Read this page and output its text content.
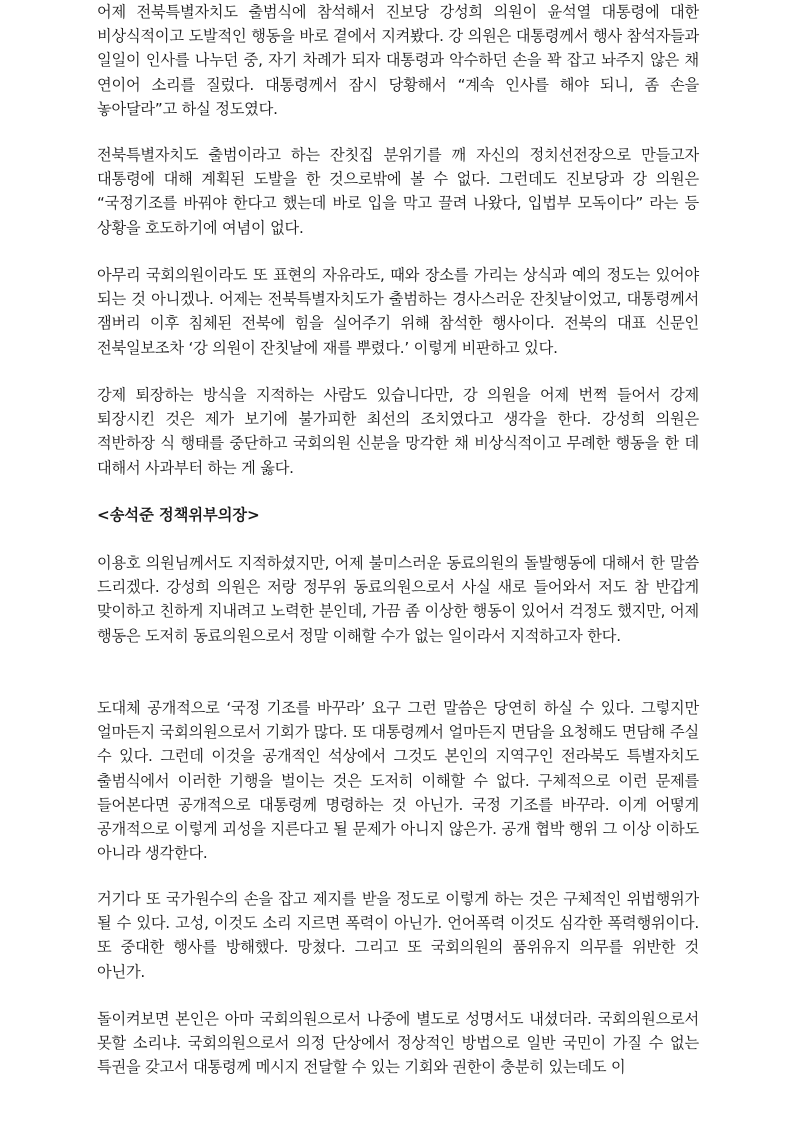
어제 전북특별자치도 출범식에 참석해서 진보당 강성희 의원이 윤석열 대통령에 대한 비상식적이고 도발적인 행동을 바로 곁에서 지켜봤다. 강 의원은 대통령께서 행사 참석자들과 일일이 인사를 나누던 중, 자기 차례가 되자 대통령과 악수하던 손을 꽉 잡고 놔주지 않은 채 연이어 소리를 질렀다. 대통령께서 잠시 당황해서 “계속 인사를 해야 되니, 좀 손을 놓아달라”고 하실 정도였다.

전북특별자치도 출범이라고 하는 잔칫집 분위기를 깨 자신의 정치선전장으로 만들고자 대통령에 대해 계획된 도발을 한 것으로밖에 볼 수 없다. 그런데도 진보당과 강 의원은 “국정기조를 바꿔야 한다고 했는데 바로 입을 막고 끌려 나왔다, 입법부 모독이다” 라는 등 상황을 호도하기에 여념이 없다.

아무리 국회의원이라도 또 표현의 자유라도, 때와 장소를 가리는 상식과 예의 정도는 있어야 되는 것 아니겠나. 어제는 전북특별자치도가 출범하는 경사스러운 잔칫날이었고, 대통령께서 잼버리 이후 침체된 전북에 힘을 실어주기 위해 참석한 행사이다. 전북의 대표 신문인 전북일보조차 ‘강 의원이 잔칫날에 재를 뿌렸다.’ 이렇게 비판하고 있다.

강제 퇴장하는 방식을 지적하는 사람도 있습니다만, 강 의원을 어제 번쩍 들어서 강제 퇴장시킨 것은 제가 보기에 불가피한 최선의 조치였다고 생각을 한다. 강성희 의원은 적반하장 식 행태를 중단하고 국회의원 신분을 망각한 채 비상식적이고 무례한 행동을 한 데 대해서 사과부터 하는 게 옳다.

<송석준 정책위부의장>

이용호 의원님께서도 지적하셨지만, 어제 불미스러운 동료의원의 돌발행동에 대해서 한 말씀 드리겠다. 강성희 의원은 저랑 정무위 동료의원으로서 사실 새로 들어와서 저도 참 반갑게 맞이하고 친하게 지내려고 노력한 분인데, 가끔 좀 이상한 행동이 있어서 걱정도 했지만, 어제 행동은 도저히 동료의원으로서 정말 이해할 수가 없는 일이라서 지적하고자 한다.

도대체 공개적으로 ‘국정 기조를 바꾸라’ 요구 그런 말씀은 당연히 하실 수 있다. 그렇지만 얼마든지 국회의원으로서 기회가 많다. 또 대통령께서 얼마든지 면담을 요청해도 면담해 주실 수 있다. 그런데 이것을 공개적인 석상에서 그것도 본인의 지역구인 전라북도 특별자치도 출범식에서 이러한 기행을 벌이는 것은 도저히 이해할 수 없다. 구체적으로 이런 문제를 들어본다면 공개적으로 대통령께 명령하는 것 아닌가. 국정 기조를 바꾸라. 이게 어떻게 공개적으로 이렇게 괴성을 지른다고 될 문제가 아니지 않은가. 공개 협박 행위 그 이상 이하도 아니라 생각한다.

거기다 또 국가원수의 손을 잡고 제지를 받을 정도로 이렇게 하는 것은 구체적인 위법행위가 될 수 있다. 고성, 이것도 소리 지르면 폭력이 아닌가. 언어폭력 이것도 심각한 폭력행위이다. 또 중대한 행사를 방해했다. 망쳤다. 그리고 또 국회의원의 품위유지 의무를 위반한 것 아닌가.

돌이켜보면 본인은 아마 국회의원으로서 나중에 별도로 성명서도 내셨더라. 국회의원으로서 못할 소리냐. 국회의원으로서 의정 단상에서 정상적인 방법으로 일반 국민이 가질 수 없는 특권을 갖고서 대통령께 메시지 전달할 수 있는 기회와 권한이 충분히 있는데도 이
